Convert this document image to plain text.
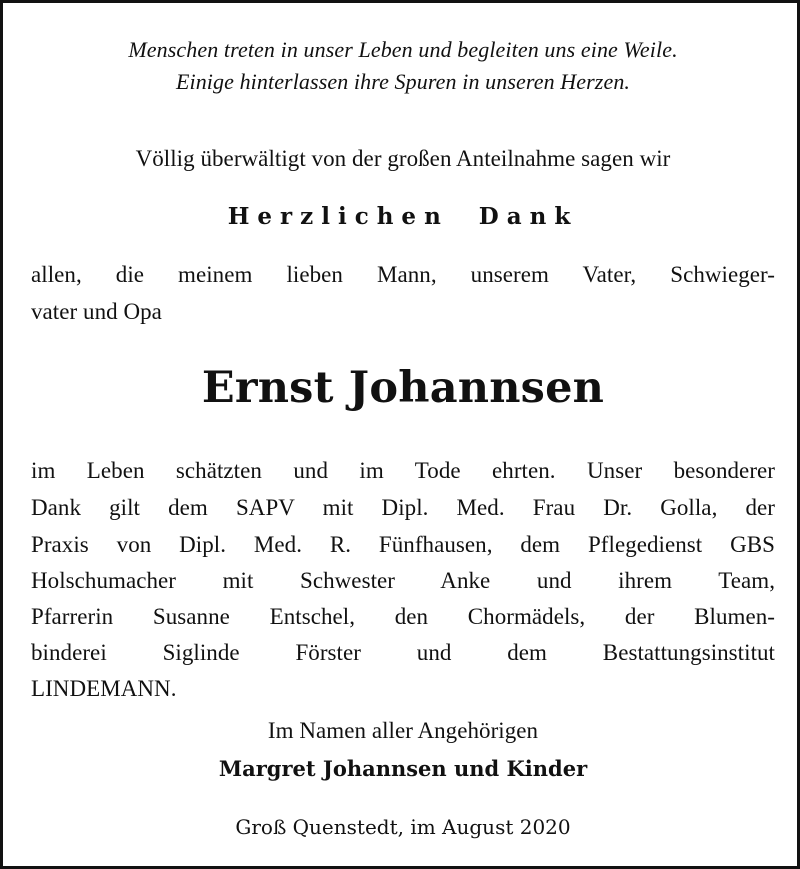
Menschen treten in unser Leben und begleiten uns eine Weile.
Einige hinterlassen ihre Spuren in unseren Herzen.
Völlig überwältigt von der großen Anteilnahme sagen wir
Herzlichen Dank
allen, die meinem lieben Mann, unserem Vater, Schwieger-
vater und Opa
Ernst Johannsen
im Leben schätzten und im Tode ehrten. Unser besonderer
Dank gilt dem SAPV mit Dipl. Med. Frau Dr. Golla, der
Praxis von Dipl. Med. R. Fünfhausen, dem Pflegedienst GBS
Holschumacher mit Schwester Anke und ihrem Team,
Pfarrerin Susanne Entschel, den Chormädels, der Blumen-
binderei Siglinde Förster und dem Bestattungsinstitut
LINDEMANN.
Im Namen aller Angehörigen
Margret Johannsen und Kinder
Groß Quenstedt, im August 2020
